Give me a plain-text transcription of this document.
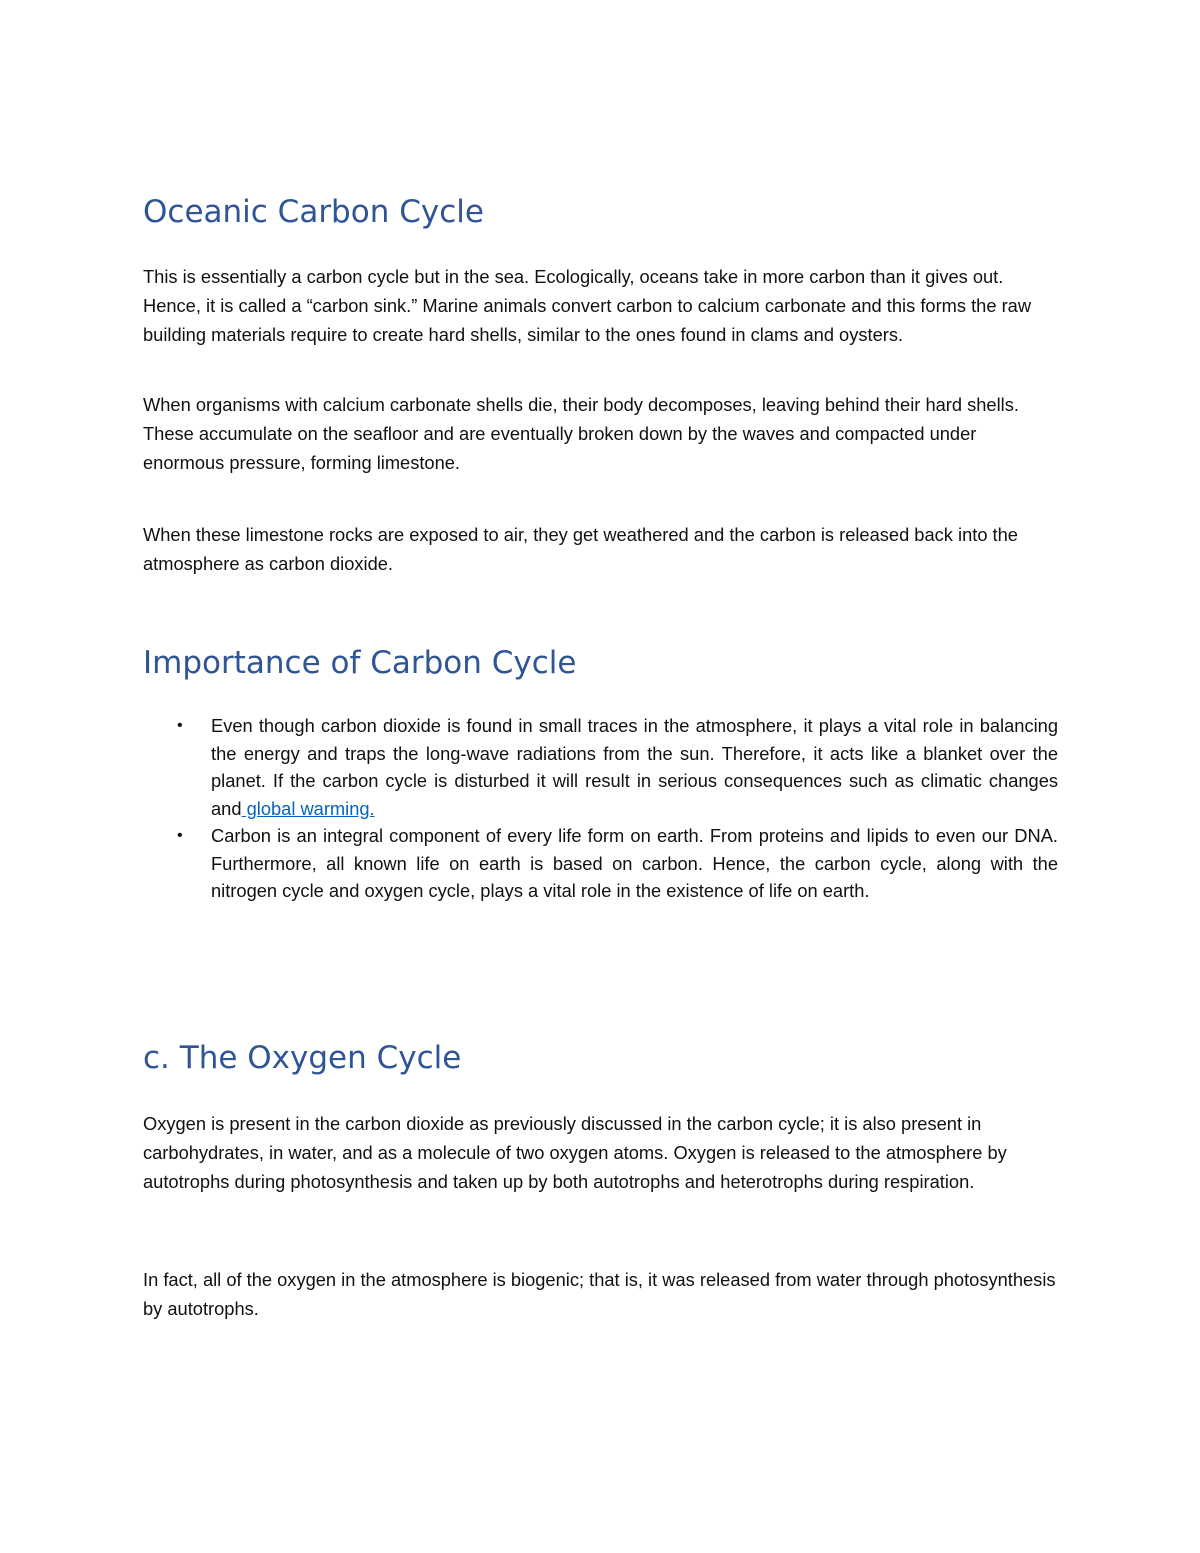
Oceanic Carbon Cycle

This is essentially a carbon cycle but in the sea. Ecologically, oceans take in more carbon than it gives out. Hence, it is called a “carbon sink.” Marine animals convert carbon to calcium carbonate and this forms the raw building materials require to create hard shells, similar to the ones found in clams and oysters.

When organisms with calcium carbonate shells die, their body decomposes, leaving behind their hard shells. These accumulate on the seafloor and are eventually broken down by the waves and compacted under enormous pressure, forming limestone.

When these limestone rocks are exposed to air, they get weathered and the carbon is released back into the atmosphere as carbon dioxide.

Importance of Carbon Cycle
• Even though carbon dioxide is found in small traces in the atmosphere, it plays a vital role in balancing the energy and traps the long-wave radiations from the sun. Therefore, it acts like a blanket over the planet. If the carbon cycle is disturbed it will result in serious consequences such as climatic changes and global warming.
• Carbon is an integral component of every life form on earth. From proteins and lipids to even our DNA. Furthermore, all known life on earth is based on carbon. Hence, the carbon cycle, along with the nitrogen cycle and oxygen cycle, plays a vital role in the existence of life on earth.
c. The Oxygen Cycle

Oxygen is present in the carbon dioxide as previously discussed in the carbon cycle; it is also present in carbohydrates, in water, and as a molecule of two oxygen atoms. Oxygen is released to the atmosphere by autotrophs during photosynthesis and taken up by both autotrophs and heterotrophs during respiration.

In fact, all of the oxygen in the atmosphere is biogenic; that is, it was released from water through photosynthesis by autotrophs.
